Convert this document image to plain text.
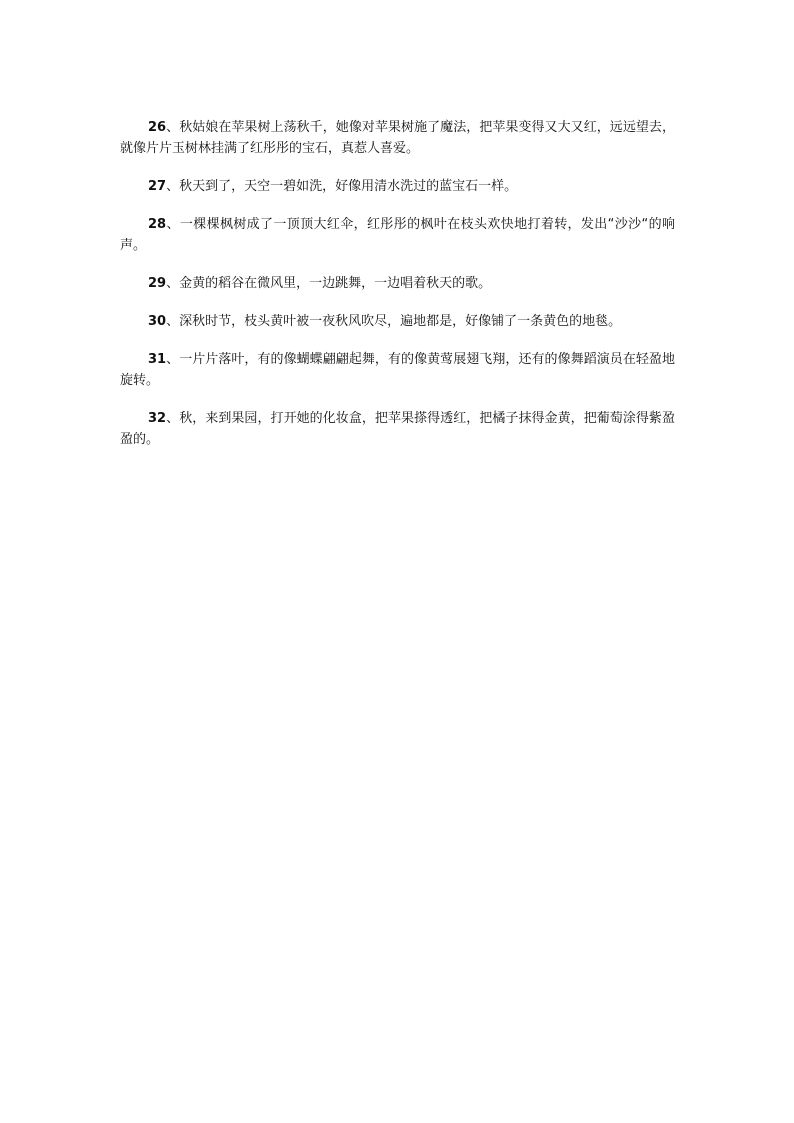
26、秋姑娘在苹果树上荡秋千，她像对苹果树施了魔法，把苹果变得又大又红，远远望去，就像片片玉树林挂满了红彤彤的宝石，真惹人喜爱。

27、秋天到了，天空一碧如洗，好像用清水洗过的蓝宝石一样。

28、一棵棵枫树成了一顶顶大红伞，红彤彤的枫叶在枝头欢快地打着转，发出“沙沙“的响声。

29、金黄的稻谷在微风里，一边跳舞，一边唱着秋天的歌。

30、深秋时节，枝头黄叶被一夜秋风吹尽，遍地都是，好像铺了一条黄色的地毯。

31、一片片落叶，有的像蝴蝶翩翩起舞，有的像黄莺展翅飞翔，还有的像舞蹈演员在轻盈地旋转。

32、秋，来到果园，打开她的化妆盒，把苹果搽得透红，把橘子抹得金黄，把葡萄涂得紫盈盈的。
